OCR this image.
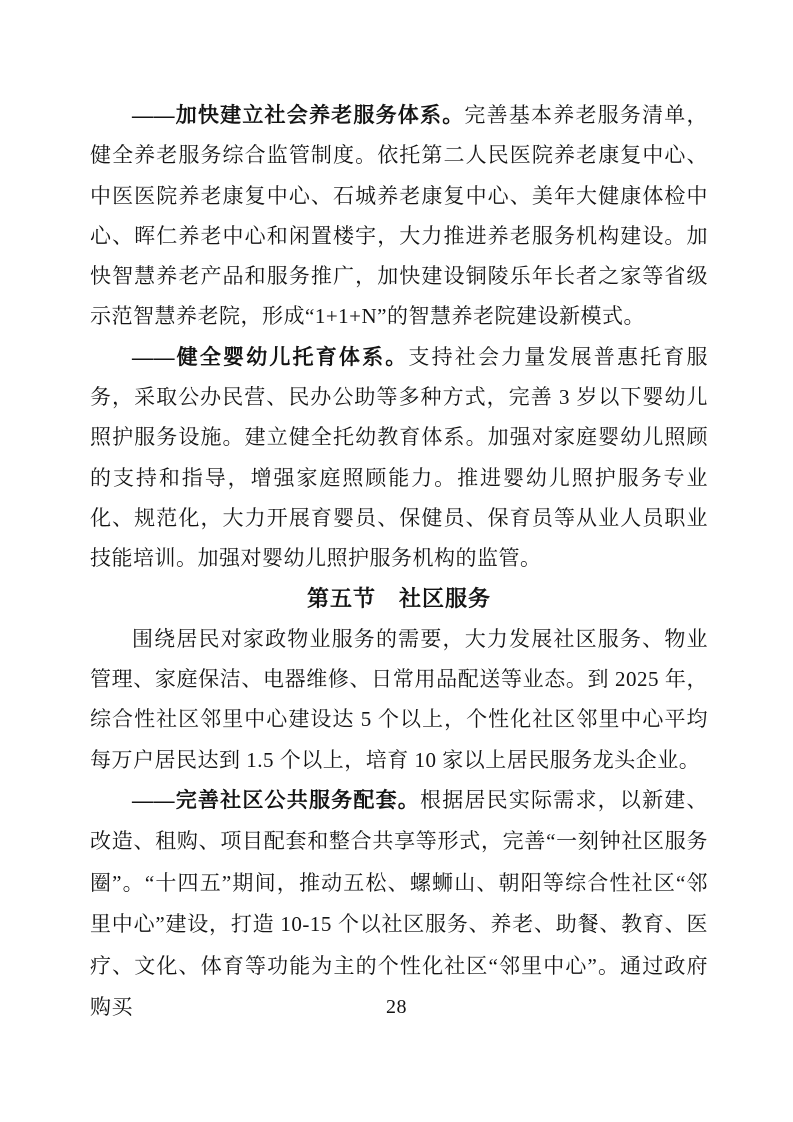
——加快建立社会养老服务体系。完善基本养老服务清单，健全养老服务综合监管制度。依托第二人民医院养老康复中心、中医医院养老康复中心、石城养老康复中心、美年大健康体检中心、晖仁养老中心和闲置楼宇，大力推进养老服务机构建设。加快智慧养老产品和服务推广，加快建设铜陵乐年长者之家等省级示范智慧养老院，形成“1+1+N”的智慧养老院建设新模式。

——健全婴幼儿托育体系。支持社会力量发展普惠托育服务，采取公办民营、民办公助等多种方式，完善 3 岁以下婴幼儿照护服务设施。建立健全托幼教育体系。加强对家庭婴幼儿照顾的支持和指导，增强家庭照顾能力。推进婴幼儿照护服务专业化、规范化，大力开展育婴员、保健员、保育员等从业人员职业技能培训。加强对婴幼儿照护服务机构的监管。

第五节　社区服务

围绕居民对家政物业服务的需要，大力发展社区服务、物业管理、家庭保洁、电器维修、日常用品配送等业态。到 2025 年，综合性社区邻里中心建设达 5 个以上，个性化社区邻里中心平均每万户居民达到 1.5 个以上，培育 10 家以上居民服务龙头企业。

——完善社区公共服务配套。根据居民实际需求，以新建、改造、租购、项目配套和整合共享等形式，完善“一刻钟社区服务圈”。“十四五”期间，推动五松、螺蛳山、朝阳等综合性社区“邻里中心”建设，打造 10-15 个以社区服务、养老、助餐、教育、医疗、文化、体育等功能为主的个性化社区“邻里中心”。通过政府购买	28
